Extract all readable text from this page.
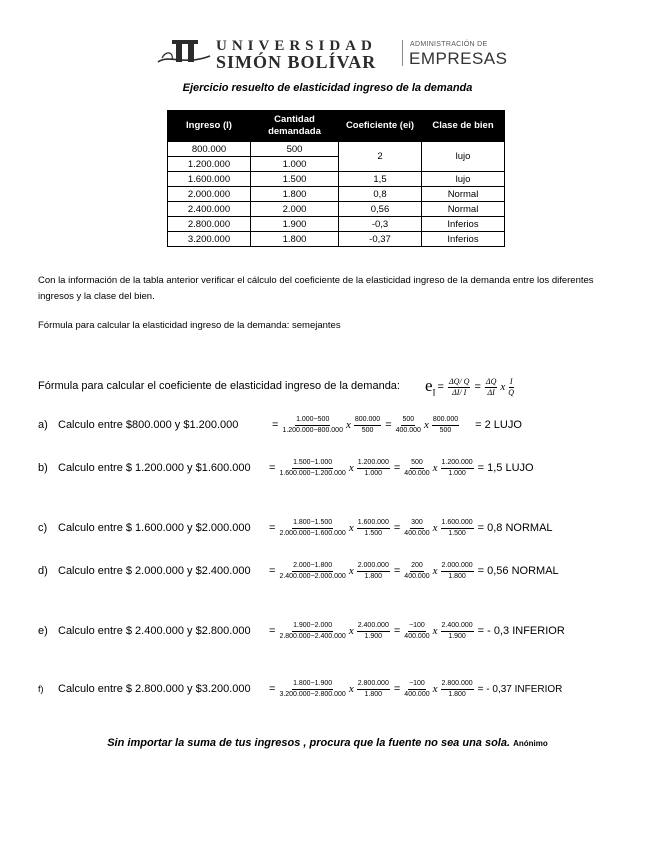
UNIVERSIDAD
SIMÓN BOLÍVAR
ADMINISTRACIÓN DE
EMPRESAS
Ejercicio resuelto de elasticidad ingreso de la demanda
Ingreso (I)	Cantidad demandada	Coeficiente (ei)	Clase de bien
800.000	500	2	lujo
1.200.000	1.000		
1.600.000	1.500	1,5	lujo
2.000.000	1.800	0,8	Normal
2.400.000	2.000	0,56	Normal
2.800.000	1.900	-0,3	Inferios
3.200.000	1.800	-0,37	Inferios
Con la información de la tabla anterior verificar el cálculo del coeficiente de la elasticidad ingreso de la demanda entre los diferentes ingresos y la clase del bien.
Fórmula para calcular la elasticidad ingreso de la demanda: semejantes
Fórmula para calcular el coeficiente de elasticidad ingreso de la demanda: $e_I = \frac{\Delta Q/ Q}{\Delta I/ I} = \frac{\Delta Q}{\Delta I}$ x $\frac{I}{Q}$
a) Calculo entre $800.000 y $1.200.000	= $\frac{1.000-500}{1.200.000-800.000}$ x $\frac{800.000}{500} = \frac{500}{400.000}$ x $\frac{800.000}{500} = 2$ LUJO
b) Calculo entre $ 1.200.000 y $1.600.000 = $\frac{1.500-1.000}{1.600.000-1.200.000}$ x $\frac{1.200.000}{1.000} = \frac{500}{400.000}$ x $\frac{1.200.000}{1.000} = 1,5$ LUJO
c) Calculo entre $ 1.600.000 y $2.000.000 = $\frac{1.800-1.500}{2.000.000-1.600.000}$ x $\frac{1.600.000}{1.500} = \frac{300}{400.000}$ x $\frac{1.600.000}{1.500} = 0,8$ NORMAL
d) Calculo entre $ 2.000.000 y $2.400.000 = $\frac{2.000-1.800}{2.400.000-2.000.000}$ x $\frac{2.000.000}{1.800} = \frac{200}{400.000}$ x $\frac{2.000.000}{1.800} = 0,56$ NORMAL
e) Calculo entre $ 2.400.000 y $2.800.000 = $\frac{1.900-2.000}{2.800.000-2.400.000}$ x $\frac{2.400.000}{1.900} = \frac{-100}{400.000}$ x $\frac{2.400.000}{1.900}$ = - 0,3 INFERIOR
f)	Calculo entre $ 2.800.000 y $3.200.000 = $\frac{1.800-1.900}{3.200.000-2.800.000}$ x $\frac{2.800.000}{1.800} = \frac{-100}{400.000}$ x $\frac{2.800.000}{1.800}$ = - 0,37 INFERIOR
Sin importar la suma de tus ingresos , procura que la fuente no sea una sola. Anónimo
